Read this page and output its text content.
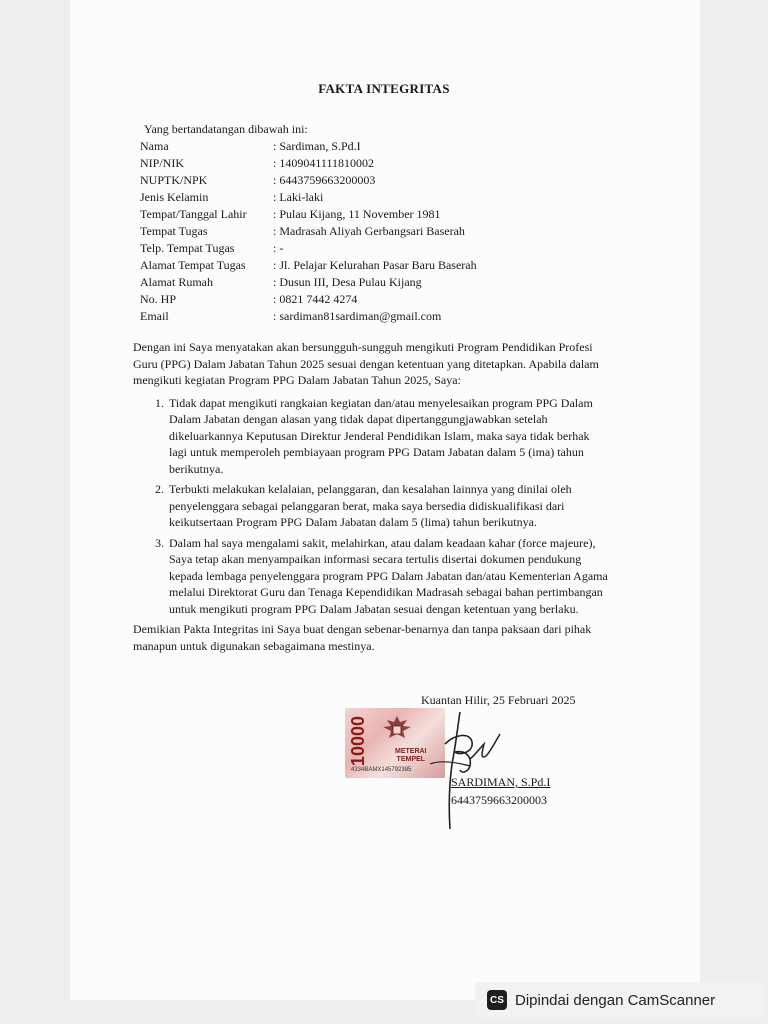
FAKTA INTEGRITAS
Yang bertandatangan dibawah ini:
Nama	: Sardiman, S.Pd.I
NIP/NIK	: 1409041111810002
NUPTK/NPK	: 6443759663200003
Jenis Kelamin	: Laki-laki
Tempat/Tanggal Lahir	: Pulau Kijang, 11 November 1981
Tempat Tugas	: Madrasah Aliyah Gerbangsari Baserah
Telp. Tempat Tugas	: -
Alamat Tempat Tugas	: Jl. Pelajar Kelurahan Pasar Baru Baserah
Alamat Rumah	: Dusun III, Desa Pulau Kijang
No. HP	: 0821 7442 4274
Email	: sardiman81sardiman@gmail.com

Dengan ini Saya menyatakan akan bersungguh-sungguh mengikuti Program Pendidikan Profesi Guru (PPG) Dalam Jabatan Tahun 2025 sesuai dengan ketentuan yang ditetapkan. Apabila dalam mengikuti kegiatan Program PPG Dalam Jabatan Tahun 2025, Saya:

1. Tidak dapat mengikuti rangkaian kegiatan dan/atau menyelesaikan program PPG Dalam Dalam Jabatan dengan alasan yang tidak dapat dipertanggungjawabkan setelah dikeluarkannya Keputusan Direktur Jenderal Pendidikan Islam, maka saya tidak berhak lagi untuk memperoleh pembiayaan program PPG Datam Jabatan dalam 5 (ima) tahun berikutnya.
2. Terbukti melakukan kelalaian, pelanggaran, dan kesalahan lainnya yang dinilai oleh penyelenggara sebagai pelanggaran berat, maka saya bersedia didiskualifikasi dari keikutsertaan Program PPG Dalam Jabatan dalam 5 (lima) tahun berikutnya.
3. Dalam hal saya mengalami sakit, melahirkan, atau dalam keadaan kahar (force majeure), Saya tetap akan menyampaikan informasi secara tertulis disertai dokumen pendukung kepada lembaga penyelenggara program PPG Dalam Jabatan dan/atau Kementerian Agama melalui Direktorat Guru dan Tenaga Kependidikan Madrasah sebagai bahan pertimbangan untuk mengikuti program PPG Dalam Jabatan sesuai dengan ketentuan yang berlaku.

Demikian Pakta Integritas ini Saya buat dengan sebenar-benarnya dan tanpa paksaan dari pihak manapun untuk digunakan sebagaimana mestinya.

Kuantan Hilir, 25 Februari 2025
10000	METERAI
TEMPEL
4334BAMX145792385
SARDIMAN, S.Pd.I
6443759663200003
CS Dipindai dengan CamScanner
